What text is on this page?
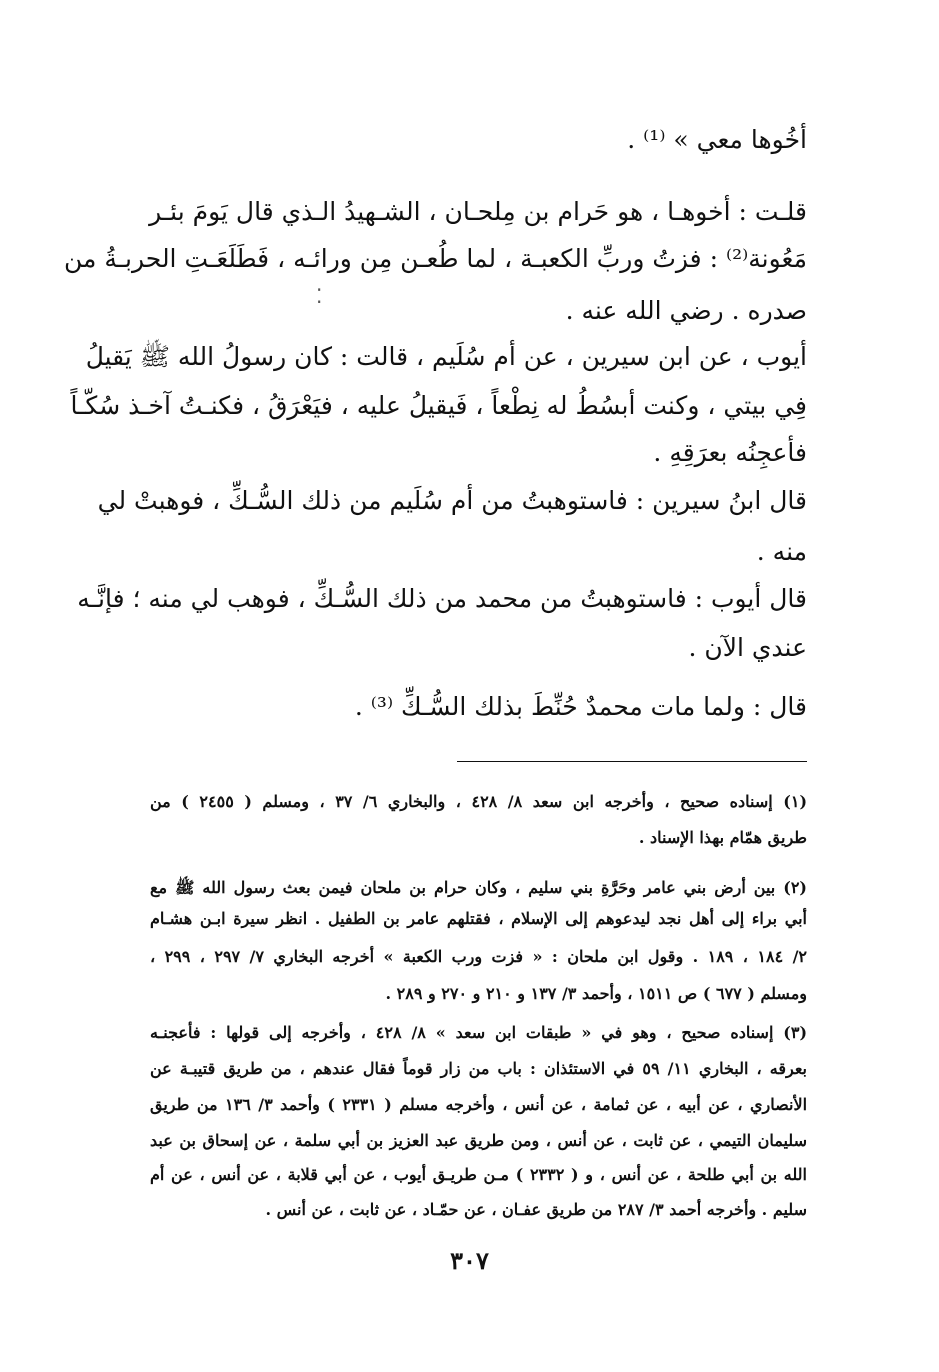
أخُوها معي » ⁽¹⁾ .
قلـت : أخوهـا ، هو حَرام بن مِلحـان ، الشـهيدُ الـذي قال يَومَ بئـر
مَعُونة⁽²⁾ : فزتُ وربِّ الكعبـة ، لما طُعـن مِن ورائـه ، فَطَلَعَـتِ الحربـةُ من
صدره . رضي الله عنه .
⁚
أيوب ، عن ابن سيرين ، عن أم سُلَيم ، قالت : كان رسولُ الله ﷺ يَقيلُ
فِي بيتي ، وكنت أبسُطُ له نِطْعاً ، فَيقيلُ عليه ، فيَعْرَقُ ، فكنـتُ آخـذ سُكّـاً
فأعجِنُه بعرَقِهِ .
قال ابنُ سيرين : فاستوهبتُ من أم سُلَيم من ذلك السُّـكِّ ، فوهبتْ لي
منه .
قال أيوب : فاستوهبتُ من محمد من ذلك السُّـكِّ ، فوهب لي منه ؛ فإنَّـه
عندي الآن .
قال : ولما مات محمدٌ حُنِّطَ بذلك السُّـكِّ ⁽³⁾ .
(١) إسناده صحيح ، وأخرجه ابن سعد ٨/ ٤٢٨ ، والبخاري ٦/ ٣٧ ، ومسلم ( ٢٤٥٥ ) من
طريق همّام بهذا الإسناد .
(٢) بين أرض بني عامر وحَرَّةِ بني سليم ، وكان حرام بن ملحان فيمن بعث رسول الله ﷺ مع
أبي براء إلى أهل نجد ليدعوهم إلى الإسلام ، فقتلهم عامر بن الطفيل . انظر سيرة ابـن هشـام
٢/ ١٨٤ ، ١٨٩ . وقول ابن ملحان : « فزت ورب الكعبة » أخرجه البخاري ٧/ ٢٩٧ ، ٢٩٩ ،
ومسلم ( ٦٧٧ ) ص ١٥١١ ، وأحمد ٣/ ١٣٧ و ٢١٠ و ٢٧٠ و ٢٨٩ .
(٣) إسناده صحيح ، وهو في « طبقات ابن سعد » ٨/ ٤٢٨ ، وأخرجه إلى قولها : فأعجنـه
بعرقه ، البخاري ١١/ ٥٩ في الاستئذان : باب من زار قوماً فقال عندهم ، من طريق قتيبـة عن
الأنصاري ، عن أبيه ، عن ثمامة ، عن أنس ، وأخرجه مسلم ( ٢٣٣١ ) وأحمد ٣/ ١٣٦ من طريق
سليمان التيمي ، عن ثابت ، عن أنس ، ومن طريق عبد العزيز بن أبي سلمة ، عن إسحاق بن عبد
الله بن أبي طلحة ، عن أنس ، و ( ٢٣٣٢ ) مـن طريـق أيوب ، عن أبي قلابة ، عن أنس ، عن أم
سليم . وأخرجه أحمد ٣/ ٢٨٧ من طريق عفـان ، عن حمّـاد ، عن ثابت ، عن أنس .
٣٠٧
